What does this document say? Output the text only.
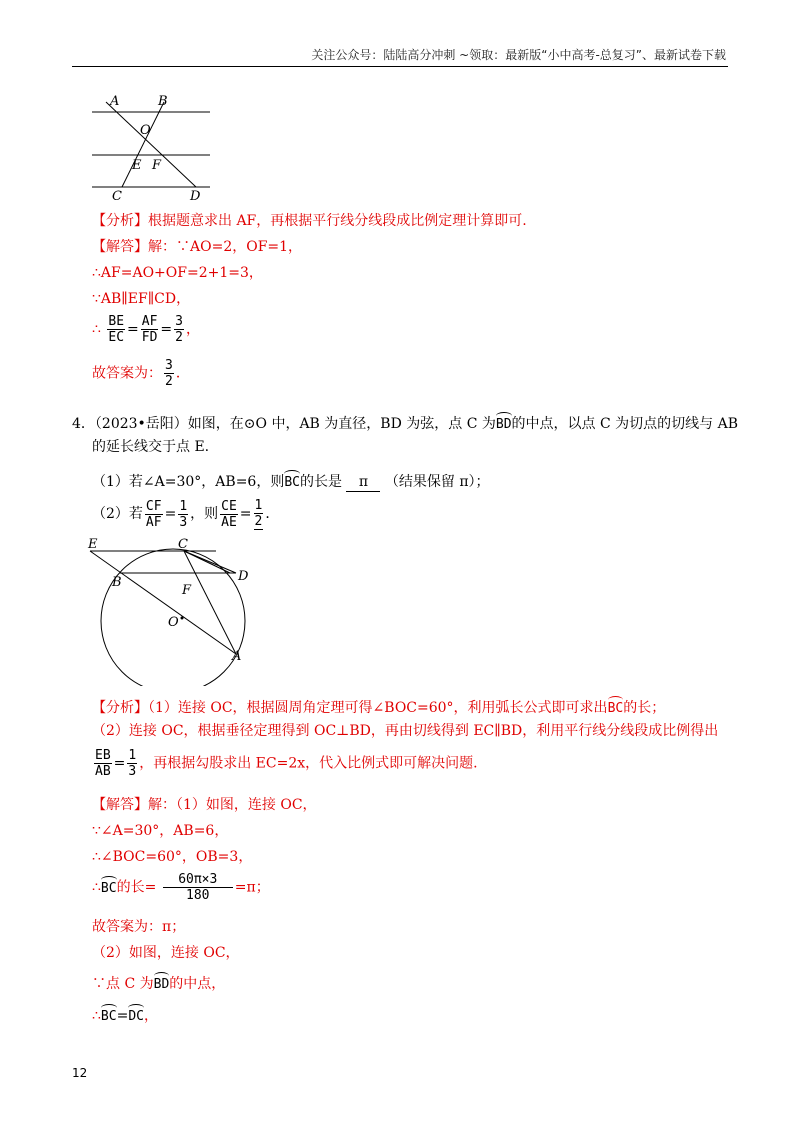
关注公众号：陆陆高分冲刺 ~领取：最新版“小中高考-总复习”、最新试卷下载
A	B
O
E F
C	D
【分析】根据题意求出 AF，再根据平行线分线段成比例定理计算即可.
【解答】解：∵AO=2，OF=1，
∴AF=AO+OF=2+1=3，
∵AB∥EF∥CD，
∴ $\frac{BE}{EC} = \frac{AF}{FD} = \frac{3}{2}$ ，
故答案为： $\frac{3}{2}$ ．
4．（2023•岳阳）如图，在⊙O 中，AB 为直径，BD 为弦，点 C 为BD的中点，以点 C 为切点的切线与 AB
的延长线交于点 E.
（1）若∠A=30°，AB=6，则BC的长是 π （结果保留 π）；
（2）若 $\frac{CF}{AF} = \frac{1}{3}$ ，则 $\frac{CE}{AE} = \frac{1}{2}$ ．
E	C
D
B
F
O
A
【分析】（1）连接 OC，根据圆周角定理可得∠BOC=60°，利用弧长公式即可求出BC的长；
（2）连接 OC，根据垂径定理得到 OC⊥BD，再由切线得到 EC∥BD，利用平行线分线段成比例得出
$\frac{EB}{AB} = \frac{1}{3}$ ，再根据勾股求出 EC=2x，代入比例式即可解决问题.
【解答】解：（1）如图，连接 OC，
∵∠A=30°，AB=6，
∴∠BOC=60°，OB=3，
∴BC的长= $\frac{60\pi\times 3}{180} =\pi$；
故答案为：π；
（2）如图，连接 OC，
∵点 C 为BD的中点，
∴BC=DC，
12
